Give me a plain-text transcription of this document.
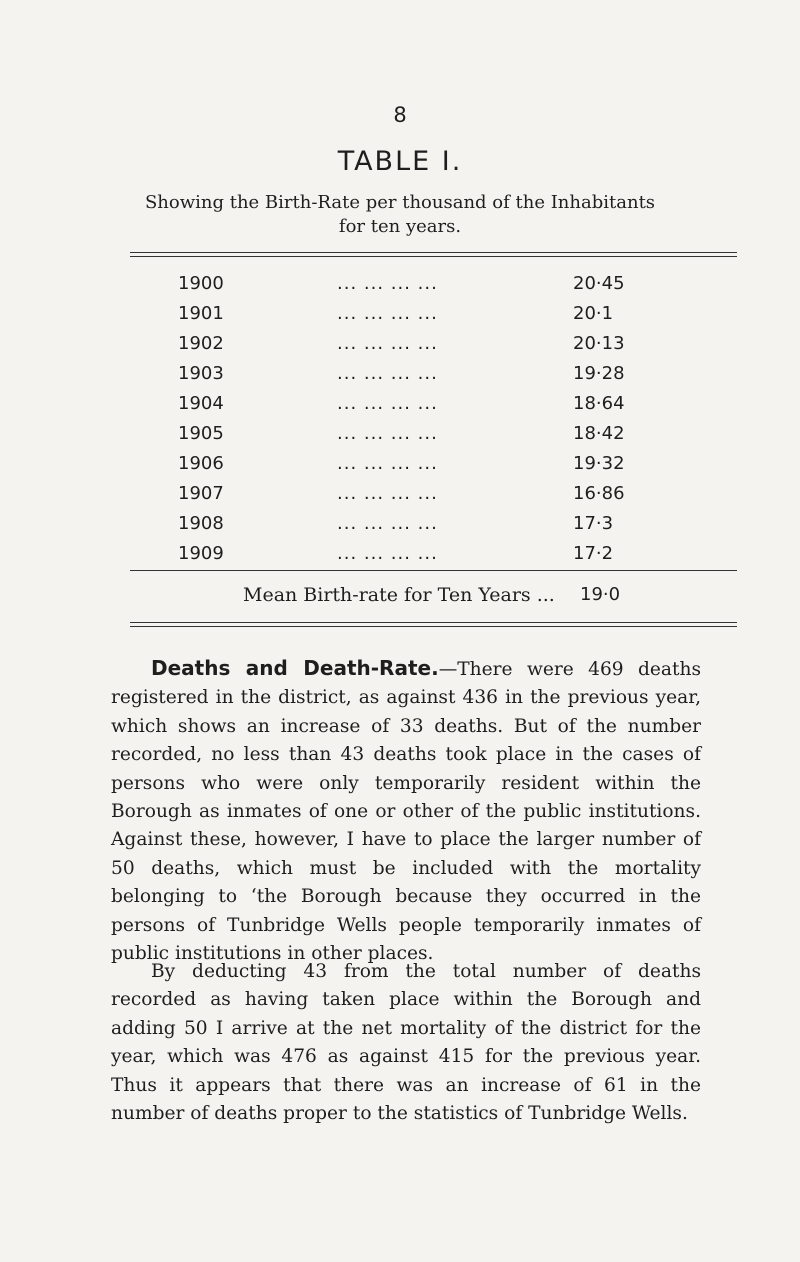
8
TABLE I.
Showing the Birth-Rate per thousand of the Inhabitants
for ten years.
1900	... ... ... ...	20·45
1901	... ... ... ...	20·1
1902	... ... ... ...	20·13
1903	... ... ... ...	19·28
1904	... ... ... ...	18·64
1905	... ... ... ...	18·42
1906	... ... ... ...	19·32
1907	... ... ... ...	16·86
1908	... ... ... ...	17·3
1909	... ... ... ...	17·2
Mean Birth-rate for Ten Years ... 19·0

Deaths and Death-Rate.—There were 469 deaths registered in the district, as against 436 in the previous year, which shows an increase of 33 deaths. But of the number recorded, no less than 43 deaths took place in the cases of persons who were only temporarily resident within the Borough as inmates of one or other of the public institutions. Against these, however, I have to place the larger number of 50 deaths, which must be included with the mortality belonging to ‘the Borough because they occurred in the persons of Tunbridge Wells people temporarily inmates of public institutions in other places.

By deducting 43 from the total number of deaths recorded as having taken place within the Borough and adding 50 I arrive at the net mortality of the district for the year, which was 476 as against 415 for the previous year. Thus it appears that there was an increase of 61 in the number of deaths proper to the statistics of Tunbridge Wells.
